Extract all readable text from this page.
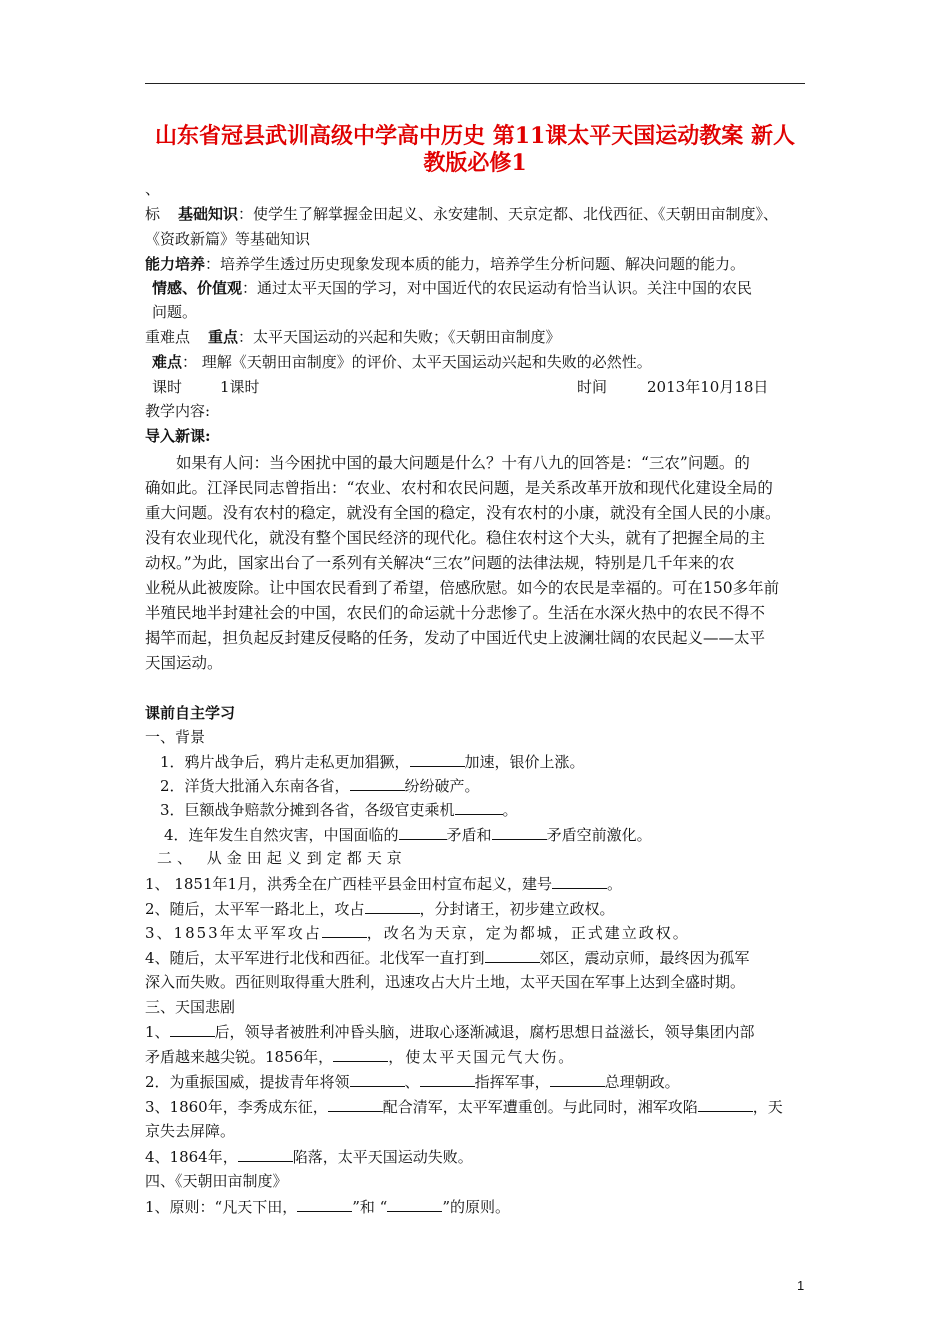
山东省冠县武训高级中学高中历史 第11课太平天国运动教案 新人
教版必修1
、
标 基础知识：使学生了解掌握金田起义、永安建制、天京定都、北伐西征、《天朝田亩制度》、
《资政新篇》等基础知识
能力培养：培养学生透过历史现象发现本质的能力，培养学生分析问题、解决问题的能力。
情感、价值观：通过太平天国的学习，对中国近代的农民运动有恰当认识。关注中国的农民
问题。
重难点 重点：太平天国运动的兴起和失败；《天朝田亩制度》
难点： 理解《天朝田亩制度》的评价、太平天国运动兴起和失败的必然性。
课时	1课时	时间	2013年10月18日
教学内容:
导入新课:
如果有人问：当今困扰中国的最大问题是什么？十有八九的回答是：“三农”问题。的
确如此。江泽民同志曾指出：“农业、农村和农民问题，是关系改革开放和现代化建设全局的
重大问题。没有农村的稳定，就没有全国的稳定，没有农村的小康，就没有全国人民的小康。
没有农业现代化，就没有整个国民经济的现代化。稳住农村这个大头，就有了把握全局的主
动权。”为此，国家出台了一系列有关解决“三农”问题的法律法规，特别是几千年来的农
业税从此被废除。让中国农民看到了希望，倍感欣慰。如今的农民是幸福的。可在150多年前
半殖民地半封建社会的中国，农民们的命运就十分悲惨了。生活在水深火热中的农民不得不
揭竿而起，担负起反封建反侵略的任务，发动了中国近代史上波澜壮阔的农民起义——太平
天国运动。
课前自主学习
一、背景
1．鸦片战争后，鸦片走私更加猖獗，	加速，银价上涨。
2．洋货大批涌入东南各省，	纷纷破产。
3．巨额战争赔款分摊到各省，各级官吏乘机	。
4．连年发生自然灾害，中国面临的	矛盾和	矛盾空前激化。
二、 从金田起义到定都天京
1、 1851年1月，洪秀全在广西桂平县金田村宣布起义，建号	。
2、随后，太平军一路北上，攻占	，分封诸王，初步建立政权。
3、1853年太平军攻占	，改名为天京，定为都城，正式建立政权。
4、随后，太平军进行北伐和西征。北伐军一直打到	郊区，震动京师，最终因为孤军
深入而失败。西征则取得重大胜利，迅速攻占大片土地，太平天国在军事上达到全盛时期。
三、天国悲剧
1、	后，领导者被胜利冲昏头脑，进取心逐渐减退，腐朽思想日益滋长，领导集团内部
矛盾越来越尖锐。1856年，	，使太平天国元气大伤。
2．为重振国威，提拔青年将领	、	指挥军事，	总理朝政。
3、1860年，李秀成东征，	配合清军，太平军遭重创。与此同时，湘军攻陷	，天
京失去屏障。
4、1864年，	陷落，太平天国运动失败。
四、《天朝田亩制度》
1、原则：“凡天下田，	”和 “	”的原则。
1
